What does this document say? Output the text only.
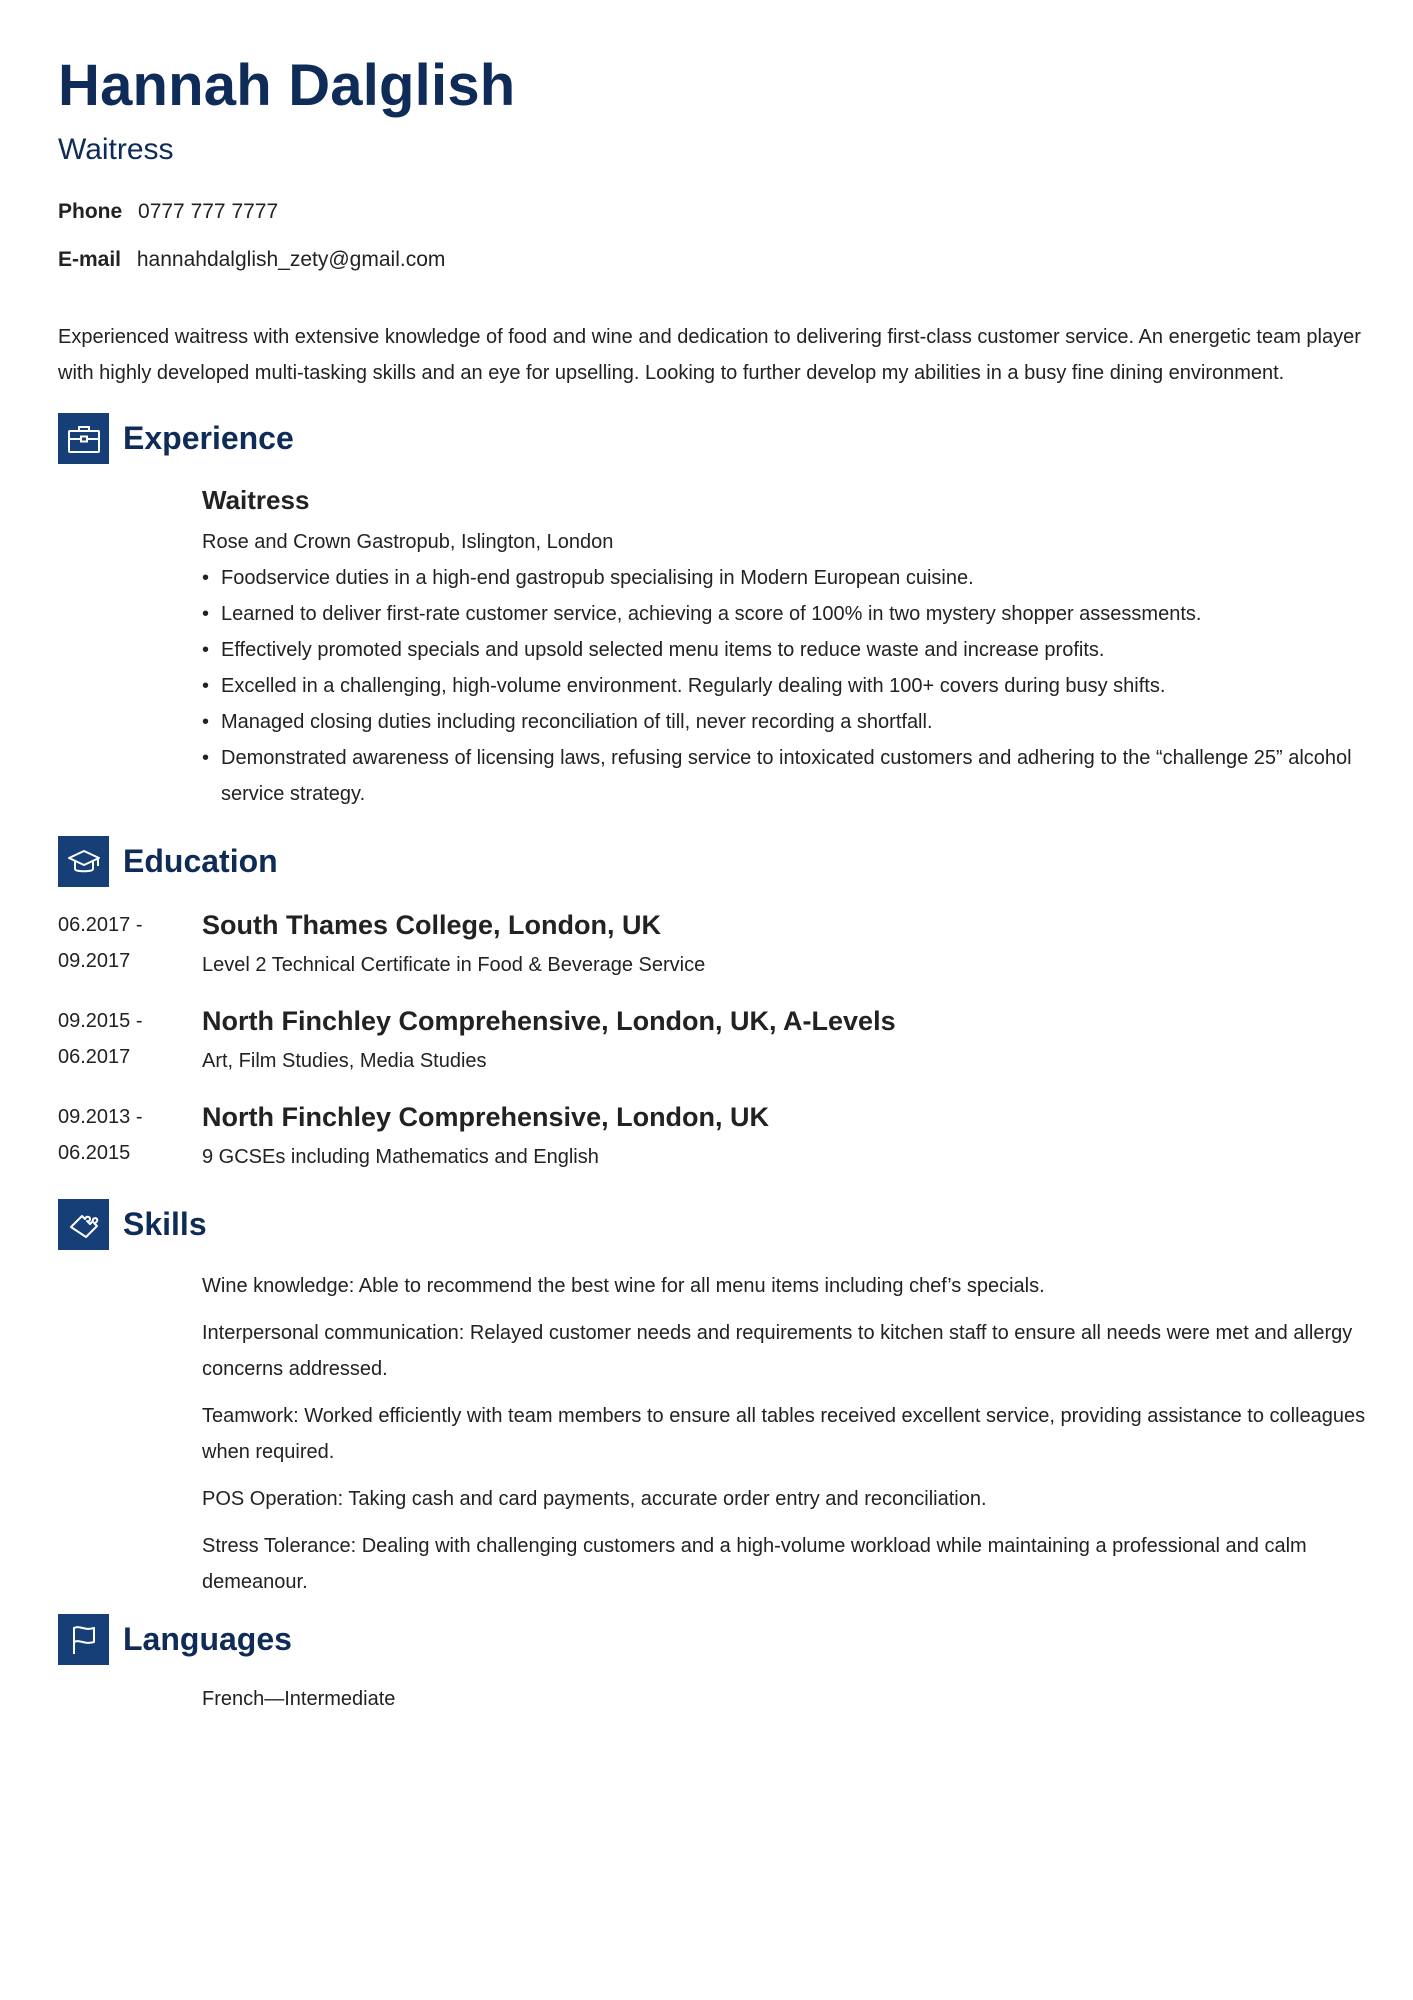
Hannah Dalglish
Waitress
Phone 0777 777 7777
E-mail hannahdalglish_zety@gmail.com
Experienced waitress with extensive knowledge of food and wine and dedication to delivering first-class customer service. An energetic team player with highly developed multi-tasking skills and an eye for upselling. Looking to further develop my abilities in a busy fine dining environment.
Experience
Waitress
Rose and Crown Gastropub, Islington, London
• Foodservice duties in a high-end gastropub specialising in Modern European cuisine.
• Learned to deliver first-rate customer service, achieving a score of 100% in two mystery shopper assessments.
• Effectively promoted specials and upsold selected menu items to reduce waste and increase profits.
• Excelled in a challenging, high-volume environment. Regularly dealing with 100+ covers during busy shifts.
• Managed closing duties including reconciliation of till, never recording a shortfall.
• Demonstrated awareness of licensing laws, refusing service to intoxicated customers and adhering to the “challenge 25” alcohol service strategy.
Education
06.2017 - 09.2017
South Thames College, London, UK
Level 2 Technical Certificate in Food & Beverage Service
09.2015 - 06.2017
North Finchley Comprehensive, London, UK, A-Levels
Art, Film Studies, Media Studies
09.2013 - 06.2015
North Finchley Comprehensive, London, UK
9 GCSEs including Mathematics and English
Skills
Wine knowledge: Able to recommend the best wine for all menu items including chef’s specials.
Interpersonal communication: Relayed customer needs and requirements to kitchen staff to ensure all needs were met and allergy concerns addressed.
Teamwork: Worked efficiently with team members to ensure all tables received excellent service, providing assistance to colleagues when required.
POS Operation: Taking cash and card payments, accurate order entry and reconciliation.
Stress Tolerance: Dealing with challenging customers and a high-volume workload while maintaining a professional and calm demeanour.
Languages
French—Intermediate
